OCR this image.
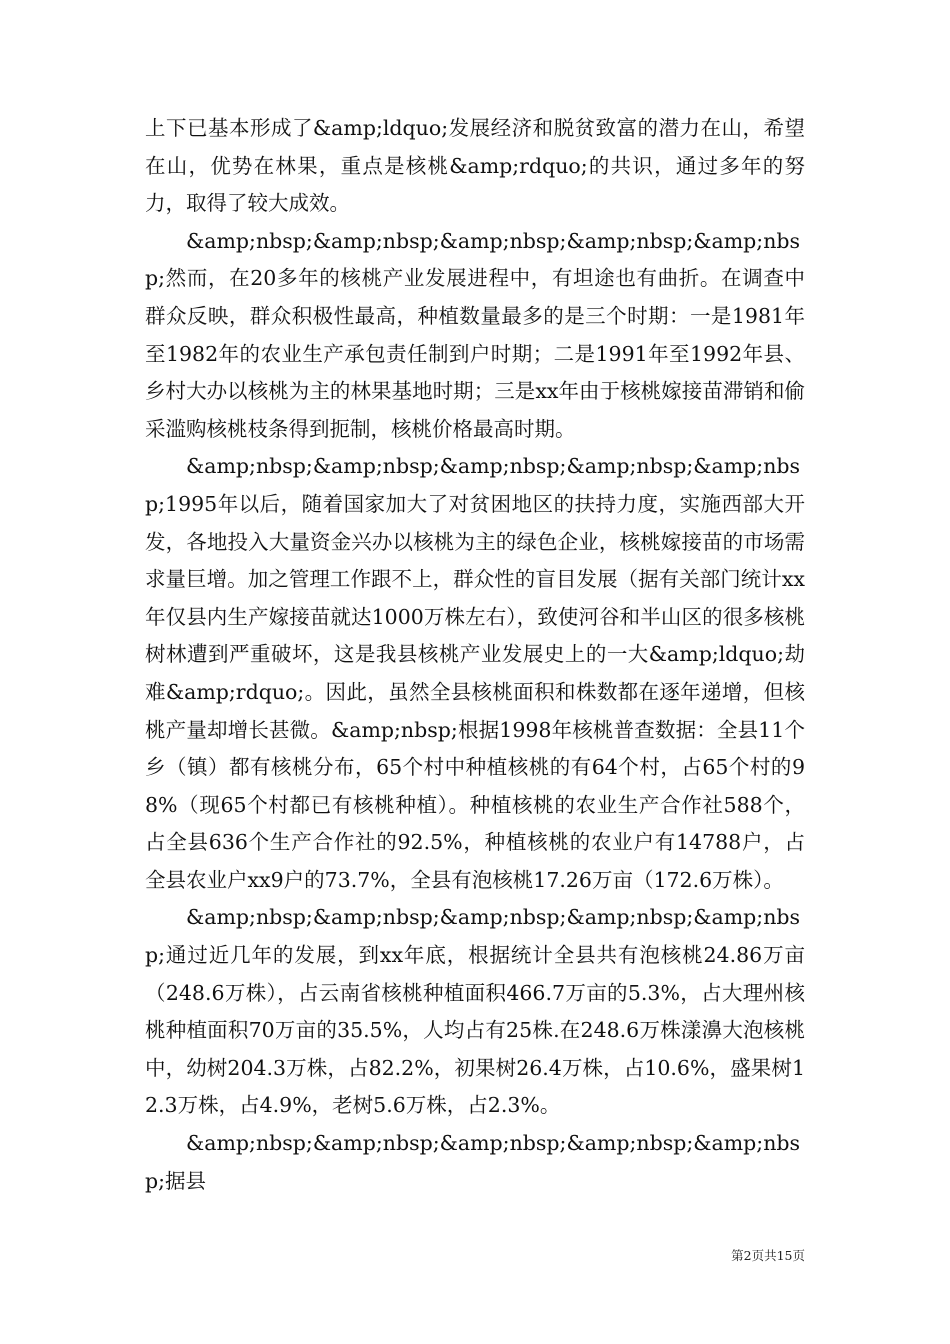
上下已基本形成了&amp;ldquo;发展经济和脱贫致富的潜力在山，希望在山，优势在林果，重点是核桃&amp;rdquo;的共识，通过多年的努力，取得了较大成效。

&amp;nbsp;&amp;nbsp;&amp;nbsp;&amp;nbsp;&amp;nbsp;然而，在20多年的核桃产业发展进程中，有坦途也有曲折。在调查中群众反映，群众积极性最高，种植数量最多的是三个时期：一是1981年至1982年的农业生产承包责任制到户时期；二是1991年至1992年县、乡村大办以核桃为主的林果基地时期；三是xx年由于核桃嫁接苗滞销和偷采滥购核桃枝条得到扼制，核桃价格最高时期。

&amp;nbsp;&amp;nbsp;&amp;nbsp;&amp;nbsp;&amp;nbsp;1995年以后，随着国家加大了对贫困地区的扶持力度，实施西部大开发，各地投入大量资金兴办以核桃为主的绿色企业，核桃嫁接苗的市场需求量巨增。加之管理工作跟不上，群众性的盲目发展（据有关部门统计xx年仅县内生产嫁接苗就达1000万株左右），致使河谷和半山区的很多核桃树林遭到严重破坏，这是我县核桃产业发展史上的一大&amp;ldquo;劫难&amp;rdquo;。因此，虽然全县核桃面积和株数都在逐年递增，但核桃产量却增长甚微。&amp;nbsp;根据1998年核桃普查数据：全县11个乡（镇）都有核桃分布，65个村中种植核桃的有64个村，占65个村的98%（现65个村都已有核桃种植）。种植核桃的农业生产合作社588个，占全县636个生产合作社的92.5%，种植核桃的农业户有14788户，占全县农业户xx9户的73.7%，全县有泡核桃17.26万亩（172.6万株）。

&amp;nbsp;&amp;nbsp;&amp;nbsp;&amp;nbsp;&amp;nbsp;通过近几年的发展，到xx年底，根据统计全县共有泡核桃24.86万亩（248.6万株），占云南省核桃种植面积466.7万亩的5.3%，占大理州核桃种植面积70万亩的35.5%，人均占有25株.在248.6万株漾濞大泡核桃中，幼树204.3万株，占82.2%，初果树26.4万株，占10.6%，盛果树12.3万株，占4.9%，老树5.6万株，占2.3%。

&amp;nbsp;&amp;nbsp;&amp;nbsp;&amp;nbsp;&amp;nbsp;据县

第2页共15页
